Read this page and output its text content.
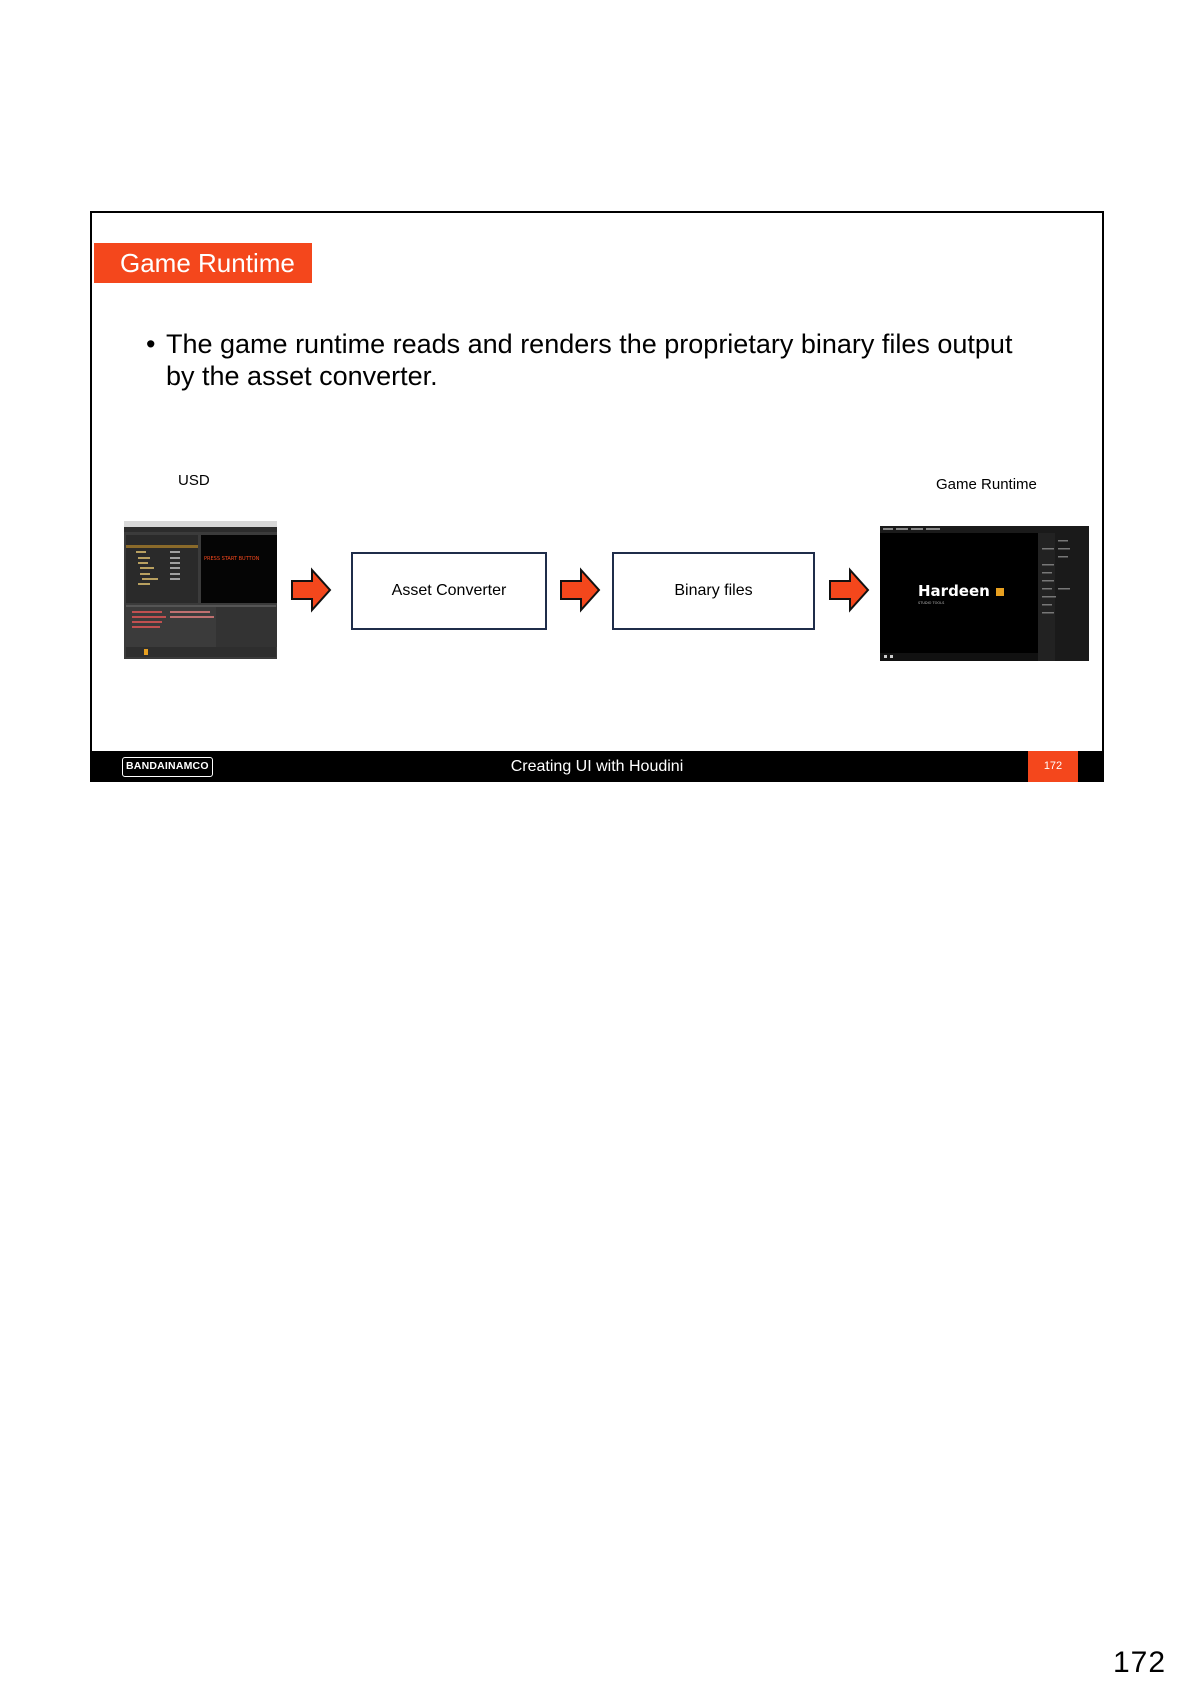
Game Runtime
• The game runtime reads and renders the proprietary binary files output by the asset converter.
USD
PRESS START BUTTON
Asset Converter	Binary files
Game Runtime
Hardeen
STUDIO TOOLS
BANDAINAMCO	Creating UI with Houdini	172
172
